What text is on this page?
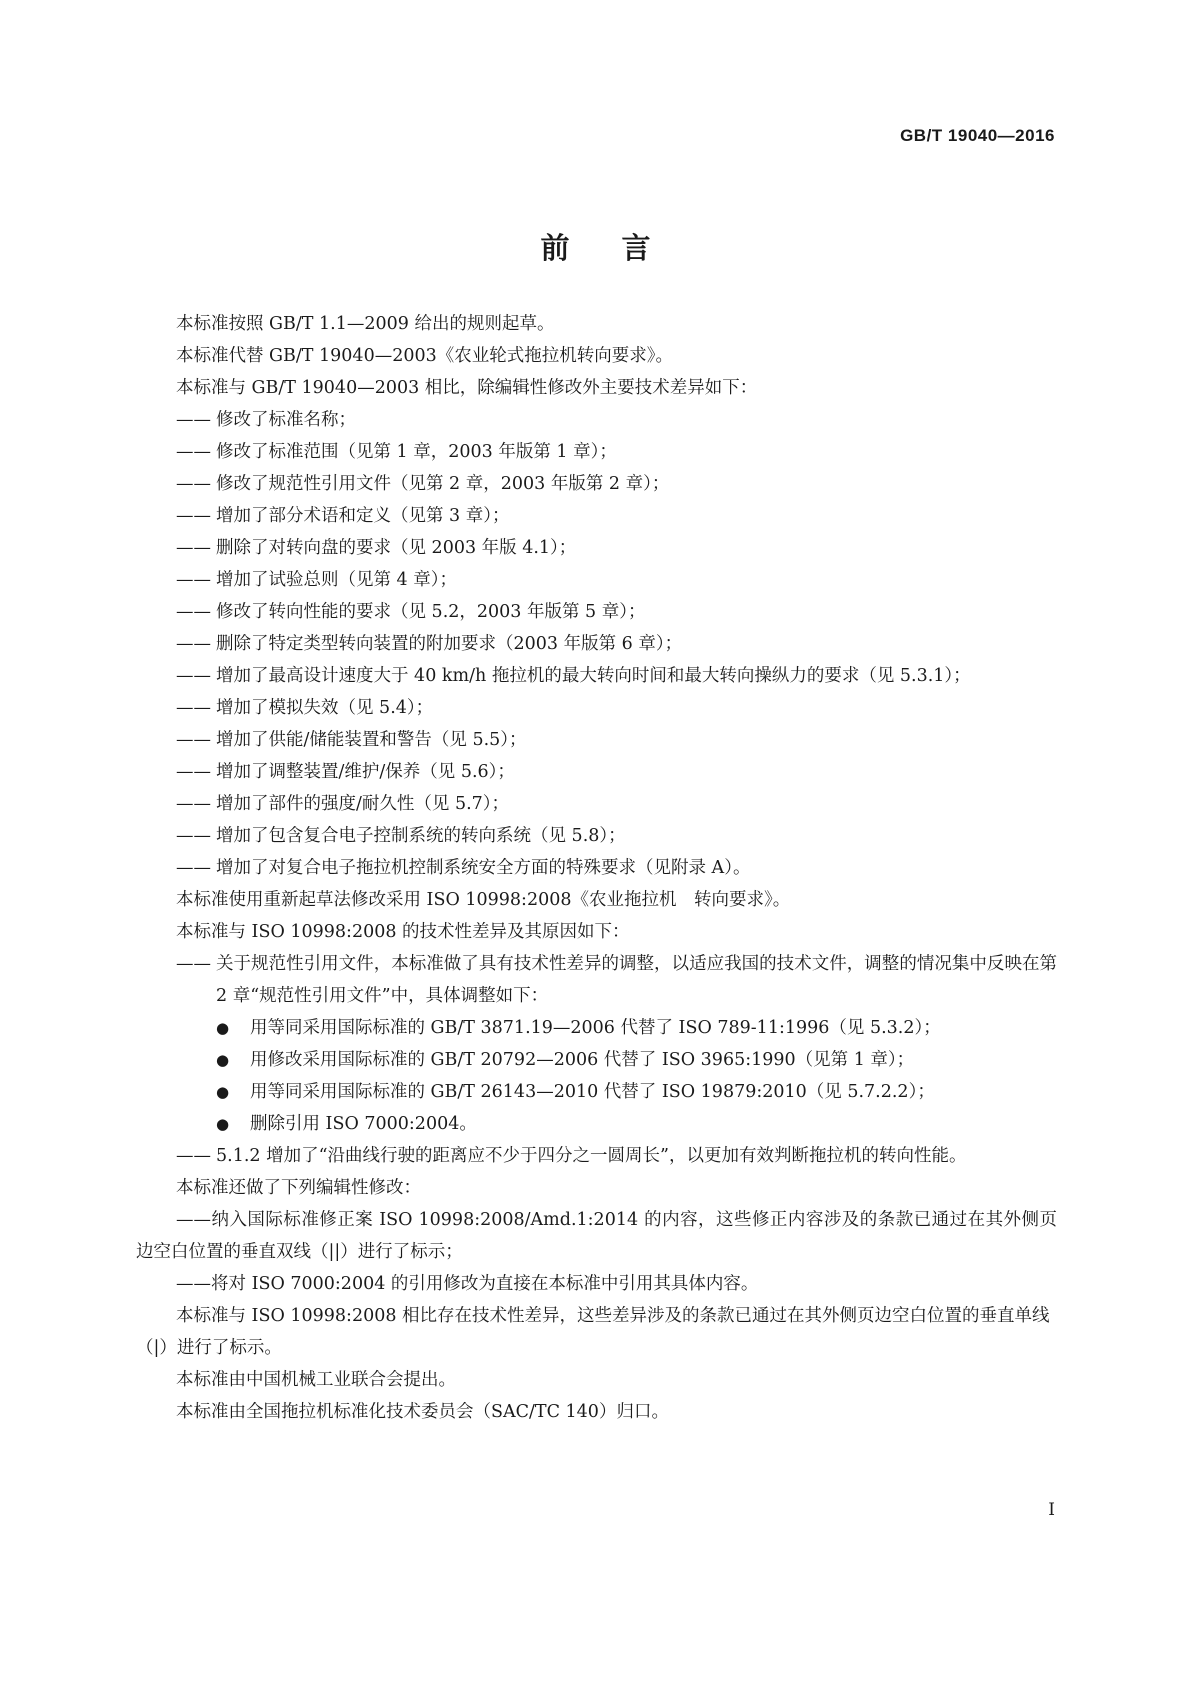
GB/T 19040—2016
前言

本标准按照 GB/T 1.1—2009 给出的规则起草。

本标准代替 GB/T 19040—2003《农业轮式拖拉机转向要求》。

本标准与 GB/T 19040—2003 相比，除编辑性修改外主要技术差异如下：

—— 修改了标准名称；
—— 修改了标准范围（见第 1 章，2003 年版第 1 章）；
—— 修改了规范性引用文件（见第 2 章，2003 年版第 2 章）；
—— 增加了部分术语和定义（见第 3 章）；
—— 删除了对转向盘的要求（见 2003 年版 4.1）；
—— 增加了试验总则（见第 4 章）；
—— 修改了转向性能的要求（见 5.2，2003 年版第 5 章）；
—— 删除了特定类型转向装置的附加要求（2003 年版第 6 章）；
—— 增加了最高设计速度大于 40 km/h 拖拉机的最大转向时间和最大转向操纵力的要求（见 5.3.1）；
—— 增加了模拟失效（见 5.4）；
—— 增加了供能/储能装置和警告（见 5.5）；
—— 增加了调整装置/维护/保养（见 5.6）；
—— 增加了部件的强度/耐久性（见 5.7）；
—— 增加了包含复合电子控制系统的转向系统（见 5.8）；
—— 增加了对复合电子拖拉机控制系统安全方面的特殊要求（见附录 A）。

本标准使用重新起草法修改采用 ISO 10998:2008《农业拖拉机　转向要求》。

本标准与 ISO 10998:2008 的技术性差异及其原因如下：

—— 关于规范性引用文件，本标准做了具有技术性差异的调整，以适应我国的技术文件，调整的情况集中反映在第 2 章“规范性引用文件”中，具体调整如下：
●	用等同采用国际标准的 GB/T 3871.19—2006 代替了 ISO 789-11:1996（见 5.3.2）；
●	用修改采用国际标准的 GB/T 20792—2006 代替了 ISO 3965:1990（见第 1 章）；
●	用等同采用国际标准的 GB/T 26143—2010 代替了 ISO 19879:2010（见 5.7.2.2）；
●	删除引用 ISO 7000:2004。
—— 5.1.2 增加了“沿曲线行驶的距离应不少于四分之一圆周长”，以更加有效判断拖拉机的转向性能。

本标准还做了下列编辑性修改：

——纳入国际标准修正案 ISO 10998:2008/Amd.1:2014 的内容，这些修正内容涉及的条款已通过在其外侧页边空白位置的垂直双线（||）进行了标示；

——将对 ISO 7000:2004 的引用修改为直接在本标准中引用其具体内容。

本标准与 ISO 10998:2008 相比存在技术性差异，这些差异涉及的条款已通过在其外侧页边空白位置的垂直单线（|）进行了标示。

本标准由中国机械工业联合会提出。

本标准由全国拖拉机标准化技术委员会（SAC/TC 140）归口。

I
